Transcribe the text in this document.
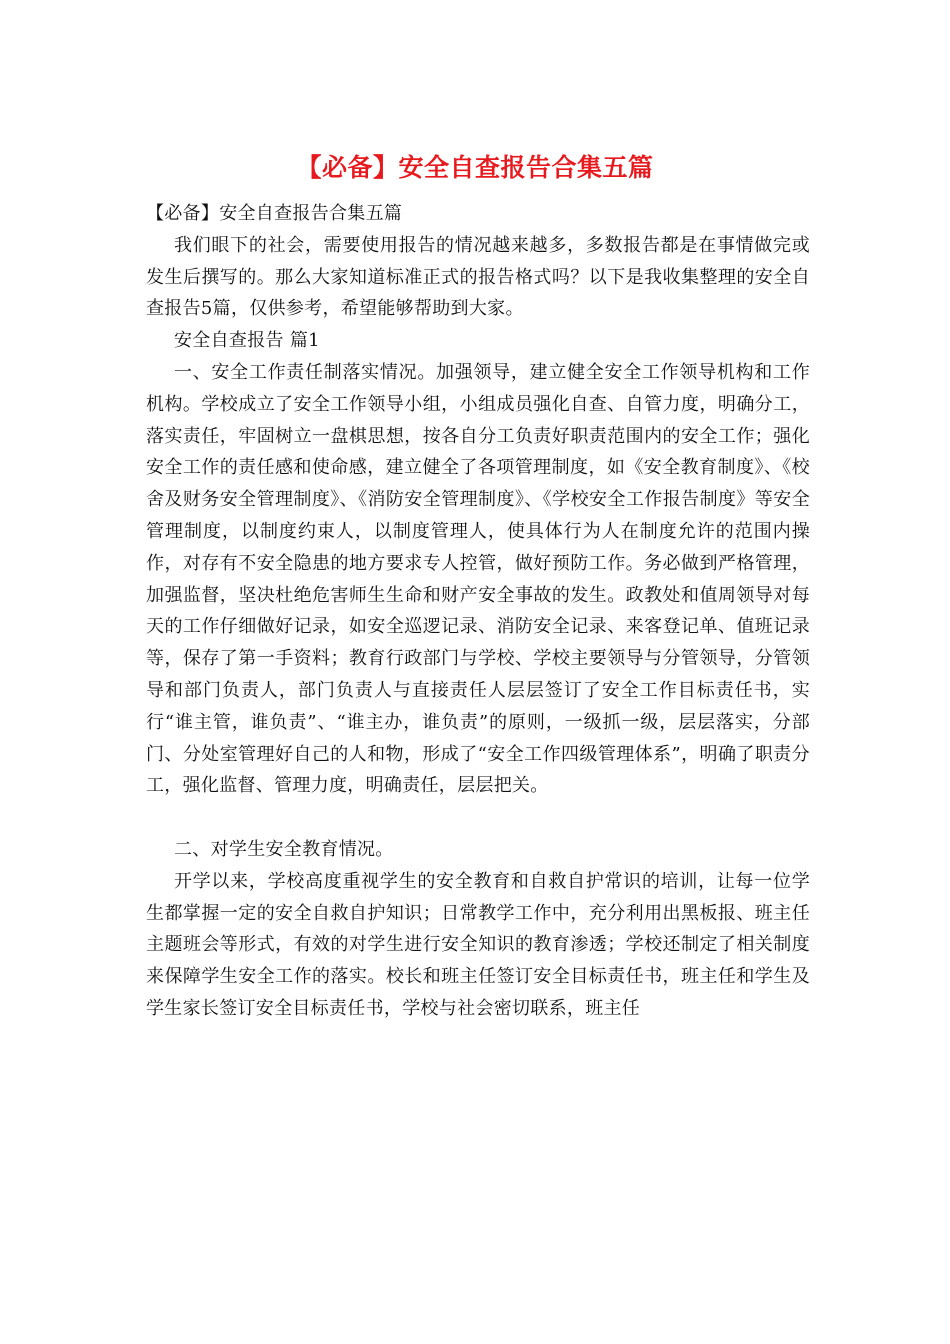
【必备】安全自查报告合集五篇

【必备】安全自查报告合集五篇

我们眼下的社会，需要使用报告的情况越来越多，多数报告都是在事情做完或发生后撰写的。那么大家知道标准正式的报告格式吗？以下是我收集整理的安全自查报告5篇，仅供参考，希望能够帮助到大家。

安全自查报告 篇1

一、安全工作责任制落实情况。加强领导，建立健全安全工作领导机构和工作机构。学校成立了安全工作领导小组，小组成员强化自查、自管力度，明确分工，落实责任，牢固树立一盘棋思想，按各自分工负责好职责范围内的安全工作；强化安全工作的责任感和使命感，建立健全了各项管理制度，如《安全教育制度》、《校舍及财务安全管理制度》、《消防安全管理制度》、《学校安全工作报告制度》等安全管理制度，以制度约束人，以制度管理人，使具体行为人在制度允许的范围内操作，对存有不安全隐患的地方要求专人控管，做好预防工作。务必做到严格管理，加强监督，坚决杜绝危害师生生命和财产安全事故的发生。政教处和值周领导对每天的工作仔细做好记录，如安全巡逻记录、消防安全记录、来客登记单、值班记录等，保存了第一手资料；教育行政部门与学校、学校主要领导与分管领导，分管领导和部门负责人，部门负责人与直接责任人层层签订了安全工作目标责任书，实行“谁主管，谁负责”、“谁主办，谁负责”的原则，一级抓一级，层层落实，分部门、分处室管理好自己的人和物，形成了“安全工作四级管理体系”，明确了职责分工，强化监督、管理力度，明确责任，层层把关。

二、对学生安全教育情况。

开学以来，学校高度重视学生的安全教育和自救自护常识的培训，让每一位学生都掌握一定的安全自救自护知识；日常教学工作中，充分利用出黑板报、班主任主题班会等形式，有效的对学生进行安全知识的教育渗透；学校还制定了相关制度来保障学生安全工作的落实。校长和班主任签订安全目标责任书，班主任和学生及学生家长签订安全目标责任书，学校与社会密切联系，班主任
